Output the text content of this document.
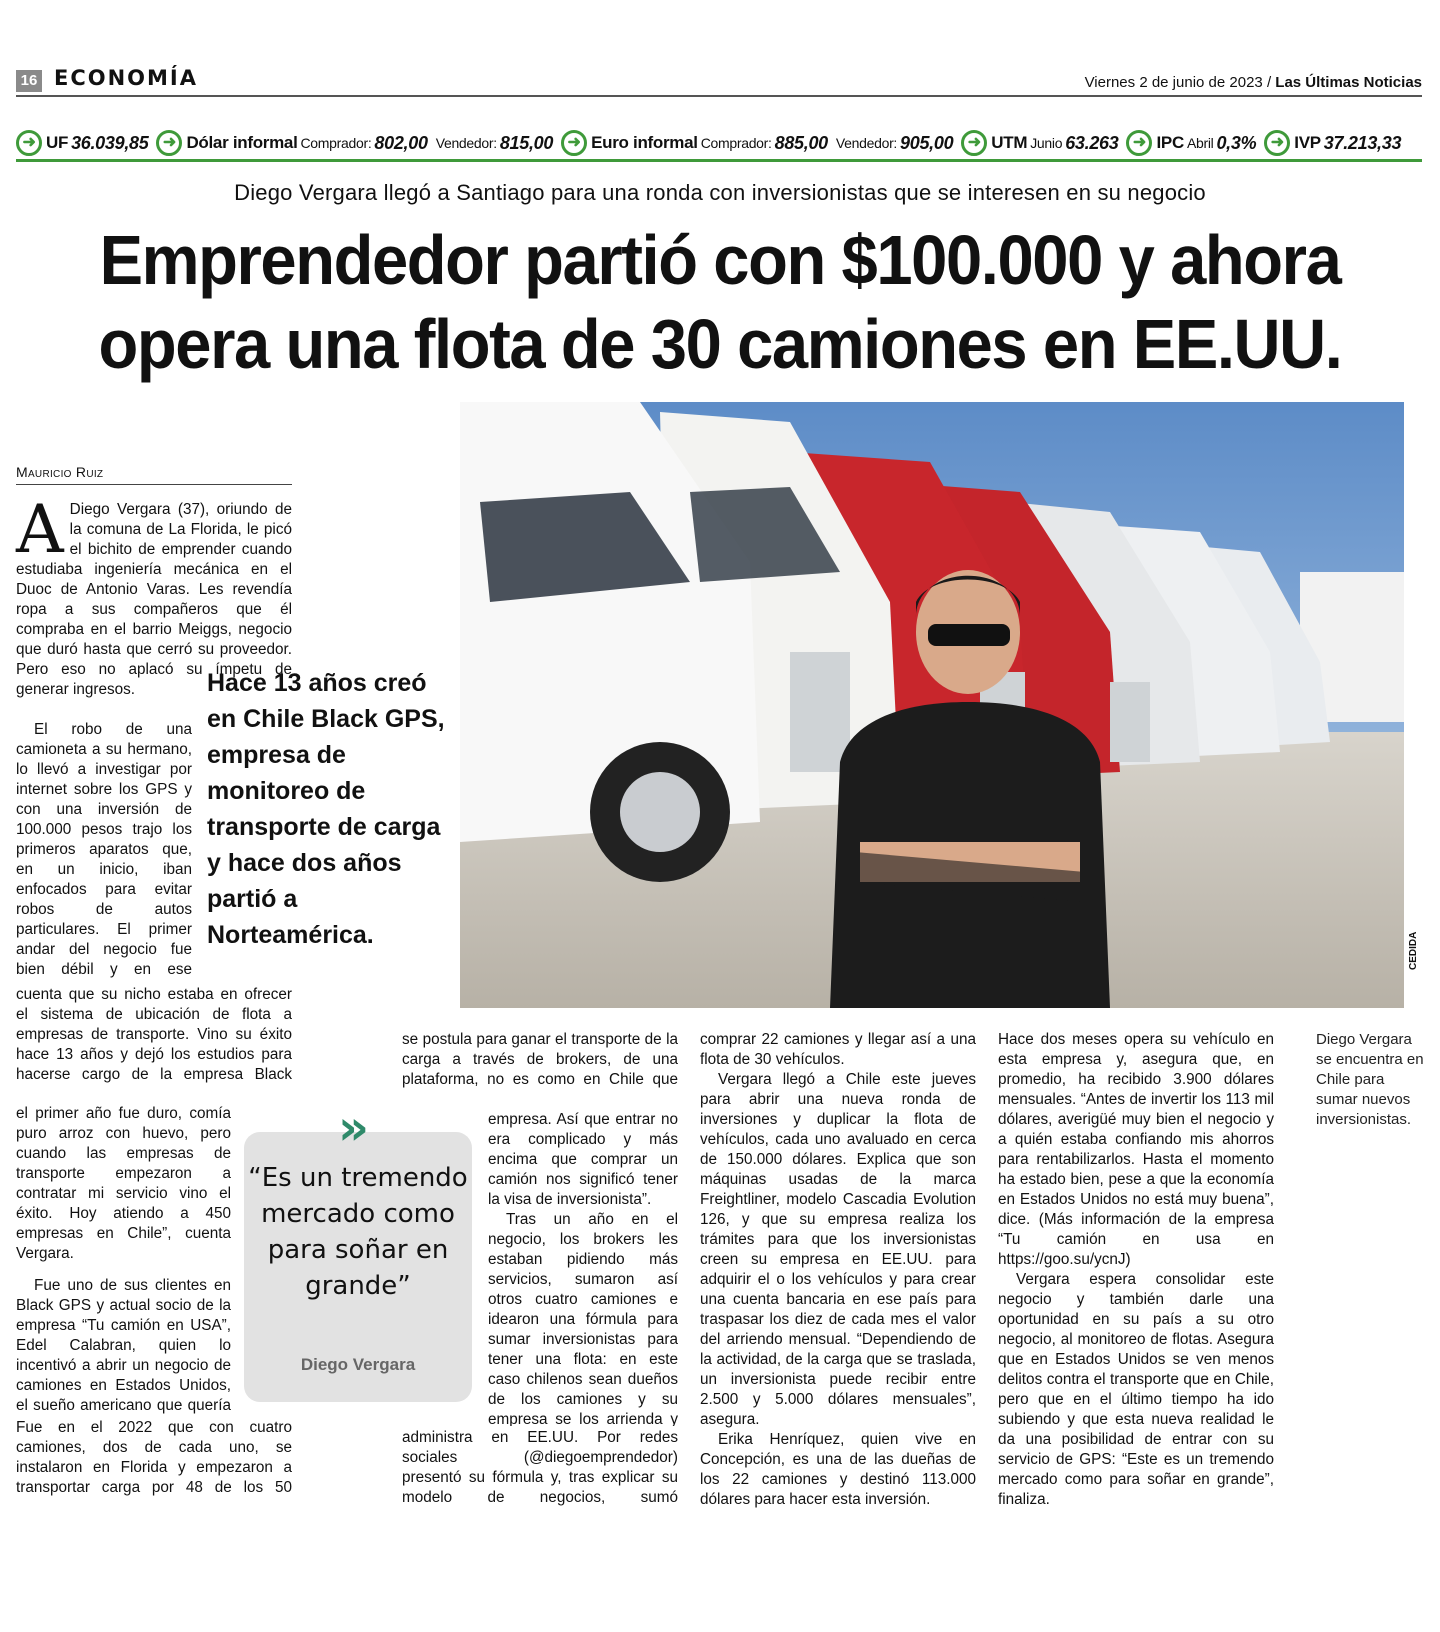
16 ECONOMÍA	Viernes 2 de junio de 2023 / Las Últimas Noticias
➜ UF 36.039,85 ➜ Dólar informal Comprador: 802,00 Vendedor: 815,00 ➜ Euro informal Comprador: 885,00 Vendedor: 905,00 ➜ UTM Junio 63.263 ➜ IPC Abril 0,3% ➜ IVP 37.213,33
Diego Vergara llegó a Santiago para una ronda con inversionistas que se interesen en su negocio
Emprendedor partió con $100.000 y ahora
opera una flota de 30 camiones en EE.UU.
CEDIDA
Mauricio Ruiz

A Diego Vergara (37), oriundo de la comuna de La Florida, le picó el bichito de emprender cuando estudiaba ingeniería mecánica en el Duoc de Antonio Varas. Les revendía ropa a sus compañeros que él compraba en el barrio Meiggs, negocio que duró hasta que cerró su proveedor. Pero eso no aplacó su ímpetu de generar ingresos.

El robo de una camioneta a su hermano, lo llevó a investigar por internet sobre los GPS y con una inversión de 100.000 pesos trajo los primeros aparatos que, en un inicio, iban enfocados para evitar robos de autos particulares. El primer andar del negocio fue bien débil y en ese

Hace 13 años creó en Chile Black GPS, empresa de monitoreo de transporte de carga y hace dos años partió a Norteamérica.

cuenta que su nicho estaba en ofrecer el sistema de ubicación de flota a empresas de transporte. Vino su éxito hace 13 años y dejó los estudios para hacerse cargo de la empresa Black

el primer año fue duro, comía puro arroz con huevo, pero cuando las empresas de transporte empezaron a contratar mi servicio vino el éxito. Hoy atiendo a 450 empresas en Chile”, cuenta Vergara.

Fue uno de sus clientes en Black GPS y actual socio de la empresa “Tu camión en USA”, Edel Calabran, quien lo incentivó a abrir un negocio de camiones en Estados Unidos, el sueño americano que quería

Fue en el 2022 que con cuatro camiones, dos de cada uno, se instalaron en Florida y empezaron a transportar carga por 48 de los 50

»
“Es un tremendo mercado como para soñar en grande”
Diego Vergara

se postula para ganar el transporte de la carga a través de brokers, de una plataforma, no es como en Chile que

empresa. Así que entrar no era complicado y más encima que comprar un camión nos significó tener la visa de inversionista”.

Tras un año en el negocio, los brokers les estaban pidiendo más servicios, sumaron así otros cuatro camiones e idearon una fórmula para sumar inversionistas para tener una flota: en este caso chilenos sean dueños de los camiones y su empresa se los arrienda y

administra en EE.UU. Por redes sociales (@diegoemprendedor) presentó su fórmula y, tras explicar su modelo de negocios, sumó

comprar 22 camiones y llegar así a una flota de 30 vehículos.

Vergara llegó a Chile este jueves para abrir una nueva ronda de inversiones y duplicar la flota de vehículos, cada uno avaluado en cerca de 150.000 dólares. Explica que son máquinas usadas de la marca Freightliner, modelo Cascadia Evolution 126, y que su empresa realiza los trámites para que los inversionistas creen su empresa en EE.UU. para adquirir el o los vehículos y para crear una cuenta bancaria en ese país para traspasar los diez de cada mes el valor del arriendo mensual. “Dependiendo de la actividad, de la carga que se traslada, un inversionista puede recibir entre 2.500 y 5.000 dólares mensuales”, asegura.

Erika Henríquez, quien vive en Concepción, es una de las dueñas de los 22 camiones y destinó 113.000 dólares para hacer esta inversión.

Hace dos meses opera su vehículo en esta empresa y, asegura que, en promedio, ha recibido 3.900 dólares mensuales. “Antes de invertir los 113 mil dólares, averigüé muy bien el negocio y a quién estaba confiando mis ahorros para rentabilizarlos. Hasta el momento ha estado bien, pese a que la economía en Estados Unidos no está muy buena”, dice. (Más información de la empresa “Tu camión en usa en https://goo.su/ycnJ)

Vergara espera consolidar este negocio y también darle una oportunidad en su país a su otro negocio, al monitoreo de flotas. Asegura que en Estados Unidos se ven menos delitos contra el transporte que en Chile, pero que en el último tiempo ha ido subiendo y que esta nueva realidad le da una posibilidad de entrar con su servicio de GPS: “Este es un tremendo mercado como para soñar en grande”, finaliza.

Diego Vergara se encuentra en Chile para sumar nuevos inversionistas.
